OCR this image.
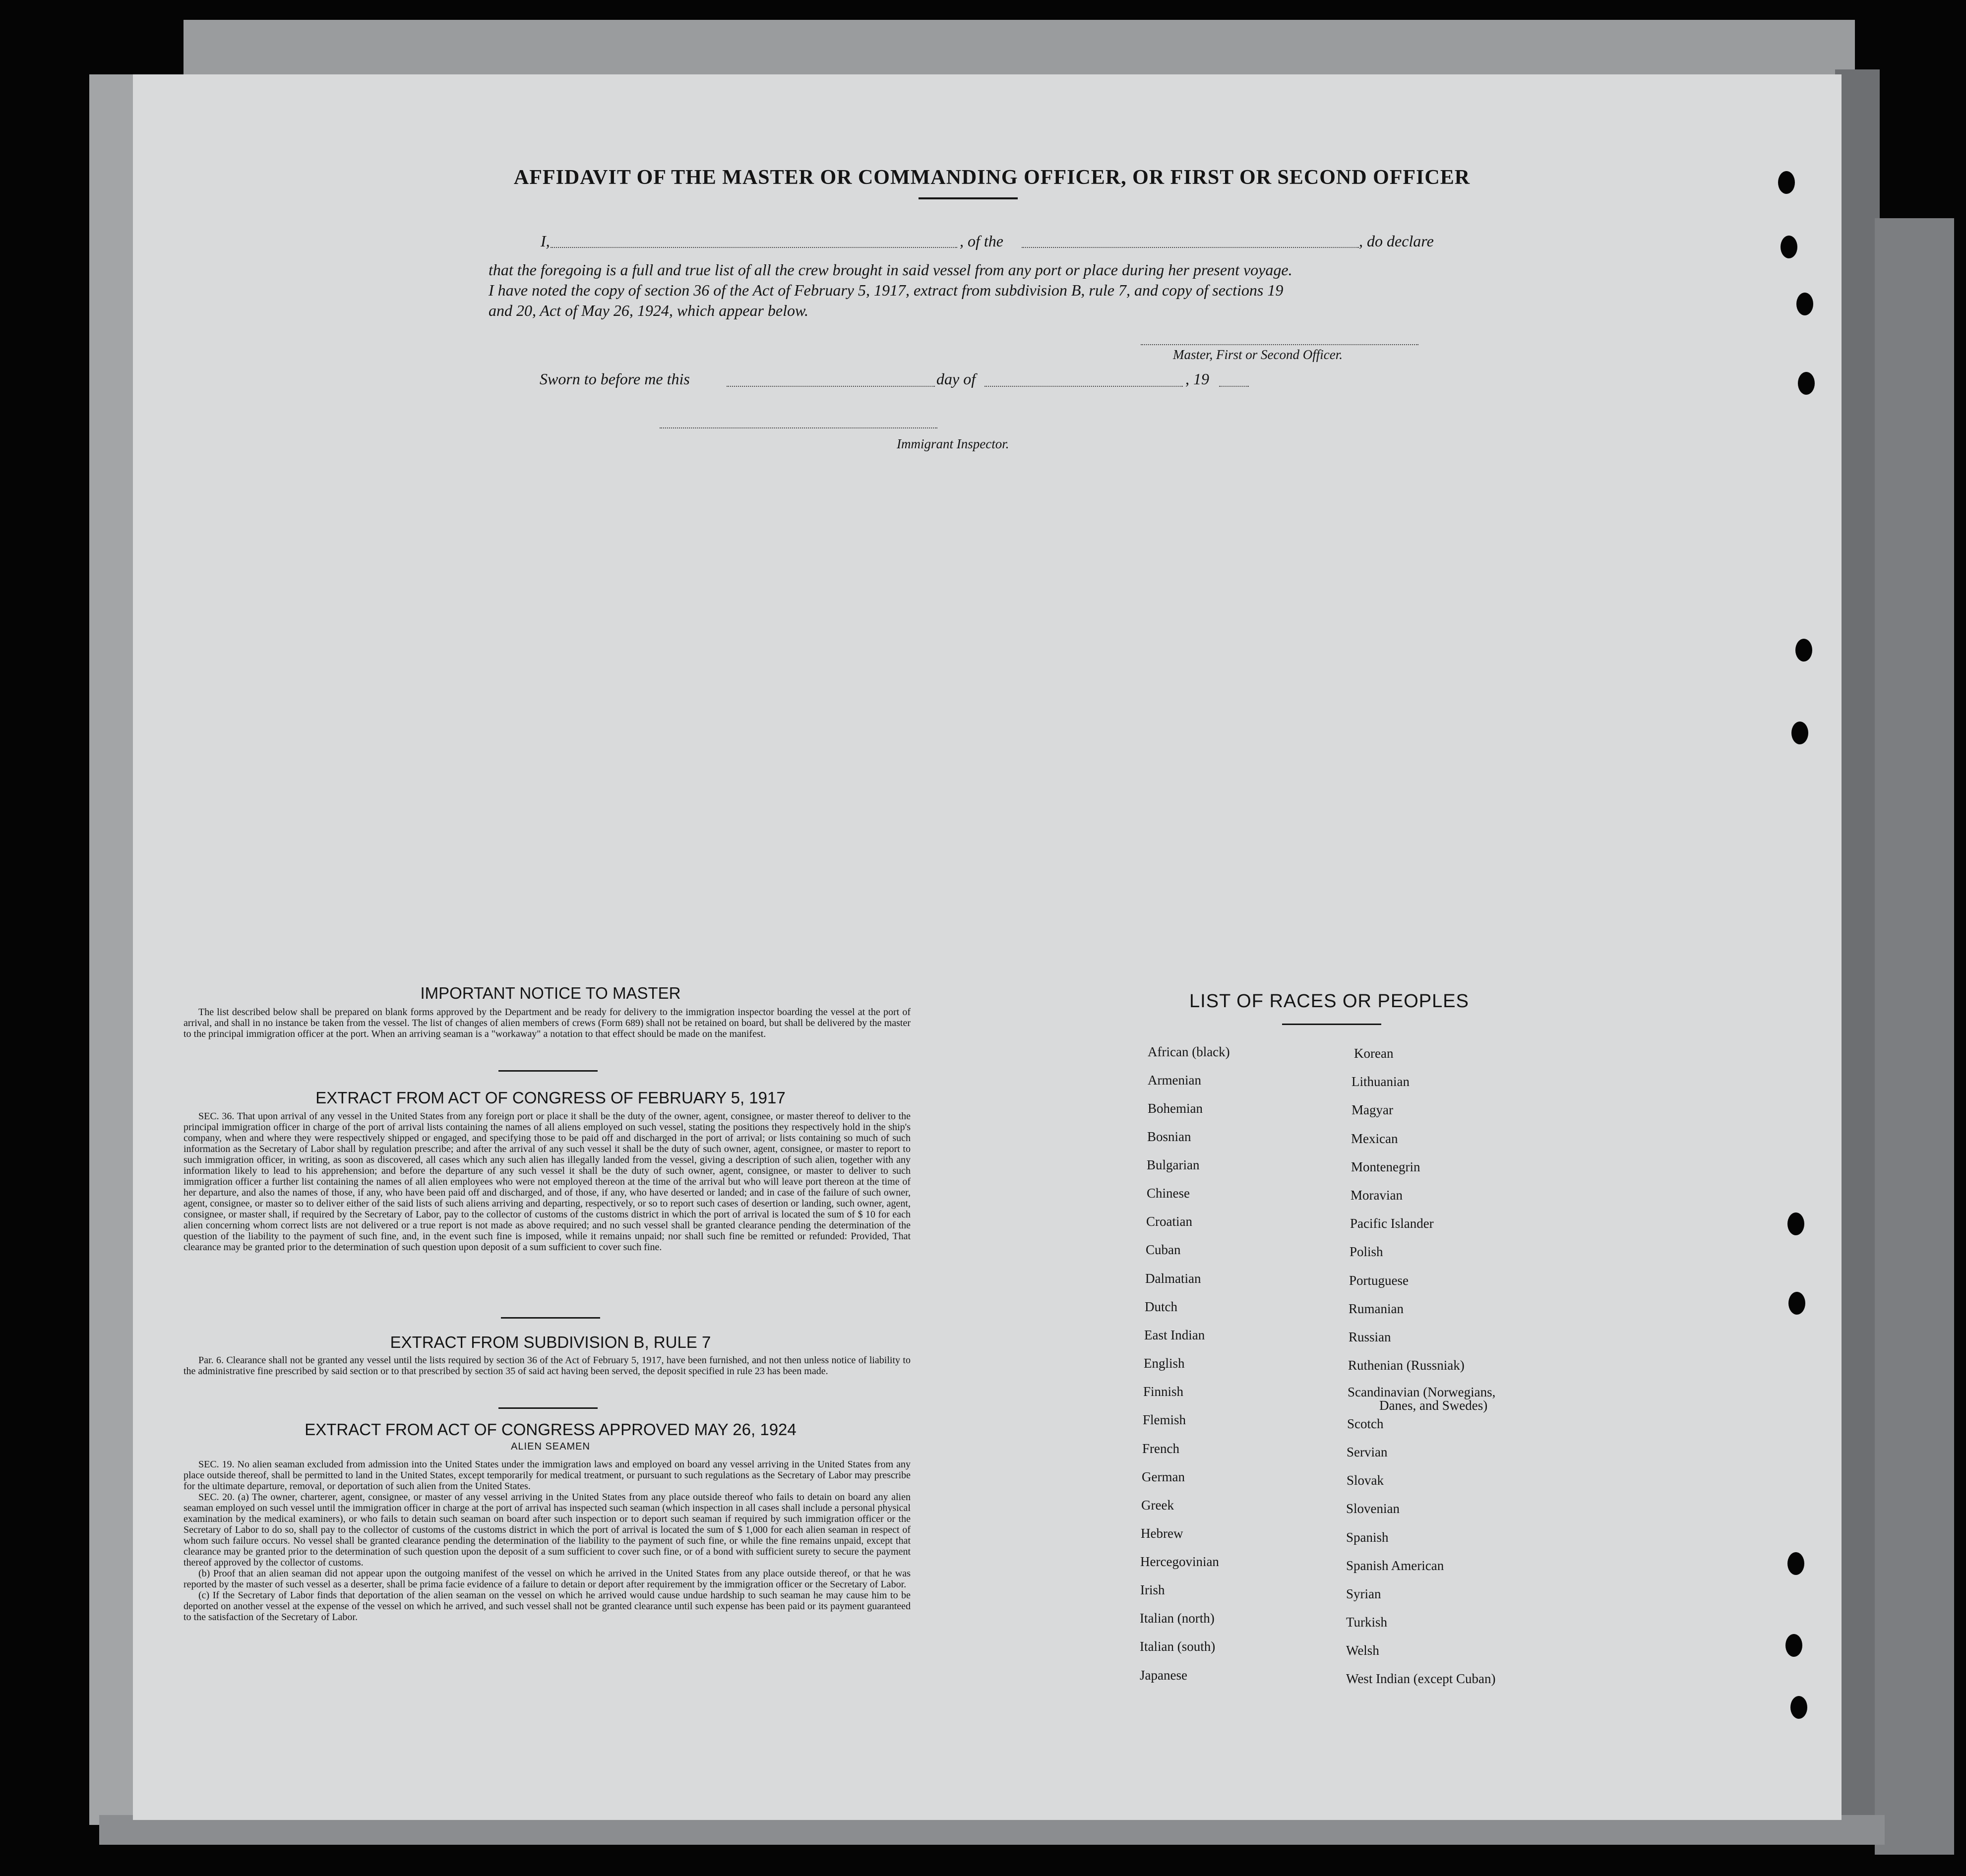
AFFIDAVIT OF THE MASTER OR COMMANDING OFFICER, OR FIRST OR SECOND OFFICER
I,	, of the	, do declare
that the foregoing is a full and true list of all the crew brought in said vessel from any port or place during her present voyage.
I have noted the copy of section 36 of the Act of February 5, 1917, extract from subdivision B, rule 7, and copy of sections 19
and 20, Act of May 26, 1924, which appear below.
Master, First or Second Officer.
Sworn to before me this	day of	, 19
Immigrant Inspector.
IMPORTANT NOTICE TO MASTER

The list described below shall be prepared on blank forms approved by the Department and be ready for delivery to the immigration inspector boarding the vessel at the port of arrival, and shall in no instance be taken from the vessel. The list of changes of alien members of crews (Form 689) shall not be retained on board, but shall be delivered by the master to the principal immigration officer at the port. When an arriving seaman is a "workaway" a notation to that effect should be made on the manifest.

EXTRACT FROM ACT OF CONGRESS OF FEBRUARY 5, 1917

SEC. 36. That upon arrival of any vessel in the United States from any foreign port or place it shall be the duty of the owner, agent, consignee, or master thereof to deliver to the principal immigration officer in charge of the port of arrival lists containing the names of all aliens employed on such vessel, stating the positions they respectively hold in the ship's company, when and where they were respectively shipped or engaged, and specifying those to be paid off and discharged in the port of arrival; or lists containing so much of such information as the Secretary of Labor shall by regulation prescribe; and after the arrival of any such vessel it shall be the duty of such owner, agent, consignee, or master to report to such immigration officer, in writing, as soon as discovered, all cases which any such alien has illegally landed from the vessel, giving a description of such alien, together with any information likely to lead to his apprehension; and before the departure of any such vessel it shall be the duty of such owner, agent, consignee, or master to deliver to such immigration officer a further list containing the names of all alien employees who were not employed thereon at the time of the arrival but who will leave port thereon at the time of her departure, and also the names of those, if any, who have been paid off and discharged, and of those, if any, who have deserted or landed; and in case of the failure of such owner, agent, consignee, or master so to deliver either of the said lists of such aliens arriving and departing, respectively, or so to report such cases of desertion or landing, such owner, agent, consignee, or master shall, if required by the Secretary of Labor, pay to the collector of customs of the customs district in which the port of arrival is located the sum of $ 10 for each alien concerning whom correct lists are not delivered or a true report is not made as above required; and no such vessel shall be granted clearance pending the determination of the question of the liability to the payment of such fine, and, in the event such fine is imposed, while it remains unpaid; nor shall such fine be remitted or refunded: Provided, That clearance may be granted prior to the determination of such question upon deposit of a sum sufficient to cover such fine.

EXTRACT FROM SUBDIVISION B, RULE 7

Par. 6. Clearance shall not be granted any vessel until the lists required by section 36 of the Act of February 5, 1917, have been furnished, and not then unless notice of liability to the administrative fine prescribed by said section or to that prescribed by section 35 of said act having been served, the deposit specified in rule 23 has been made.

EXTRACT FROM ACT OF CONGRESS APPROVED MAY 26, 1924
ALIEN SEAMEN

SEC. 19. No alien seaman excluded from admission into the United States under the immigration laws and employed on board any vessel arriving in the United States from any place outside thereof, shall be permitted to land in the United States, except temporarily for medical treatment, or pursuant to such regulations as the Secretary of Labor may prescribe for the ultimate departure, removal, or deportation of such alien from the United States.

SEC. 20. (a) The owner, charterer, agent, consignee, or master of any vessel arriving in the United States from any place outside thereof who fails to detain on board any alien seaman employed on such vessel until the immigration officer in charge at the port of arrival has inspected such seaman (which inspection in all cases shall include a personal physical examination by the medical examiners), or who fails to detain such seaman on board after such inspection or to deport such seaman if required by such immigration officer or the Secretary of Labor to do so, shall pay to the collector of customs of the customs district in which the port of arrival is located the sum of $ 1,000 for each alien seaman in respect of whom such failure occurs. No vessel shall be granted clearance pending the determination of the liability to the payment of such fine, or while the fine remains unpaid, except that clearance may be granted prior to the determination of such question upon the deposit of a sum sufficient to cover such fine, or of a bond with sufficient surety to secure the payment thereof approved by the collector of customs.

(b) Proof that an alien seaman did not appear upon the outgoing manifest of the vessel on which he arrived in the United States from any place outside thereof, or that he was reported by the master of such vessel as a deserter, shall be prima facie evidence of a failure to detain or deport after requirement by the immigration officer or the Secretary of Labor.

(c) If the Secretary of Labor finds that deportation of the alien seaman on the vessel on which he arrived would cause undue hardship to such seaman he may cause him to be deported on another vessel at the expense of the vessel on which he arrived, and such vessel shall not be granted clearance until such expense has been paid or its payment guaranteed to the satisfaction of the Secretary of Labor.

LIST OF RACES OR PEOPLES
African (black)
Armenian
Bohemian
Bosnian
Bulgarian
Chinese
Croatian
Cuban
Dalmatian
Dutch
East Indian
English
Finnish
Flemish
French
German
Greek
Hebrew
Hercegovinian
Irish
Italian (north)
Italian (south)
Japanese
Korean
Lithuanian
Magyar
Mexican
Montenegrin
Moravian
Pacific Islander
Polish
Portuguese
Rumanian
Russian
Ruthenian (Russniak)
Scandinavian (Norwegians,
Danes, and Swedes)
Scotch
Servian
Slovak
Slovenian
Spanish
Spanish American
Syrian
Turkish
Welsh
West Indian (except Cuban)
